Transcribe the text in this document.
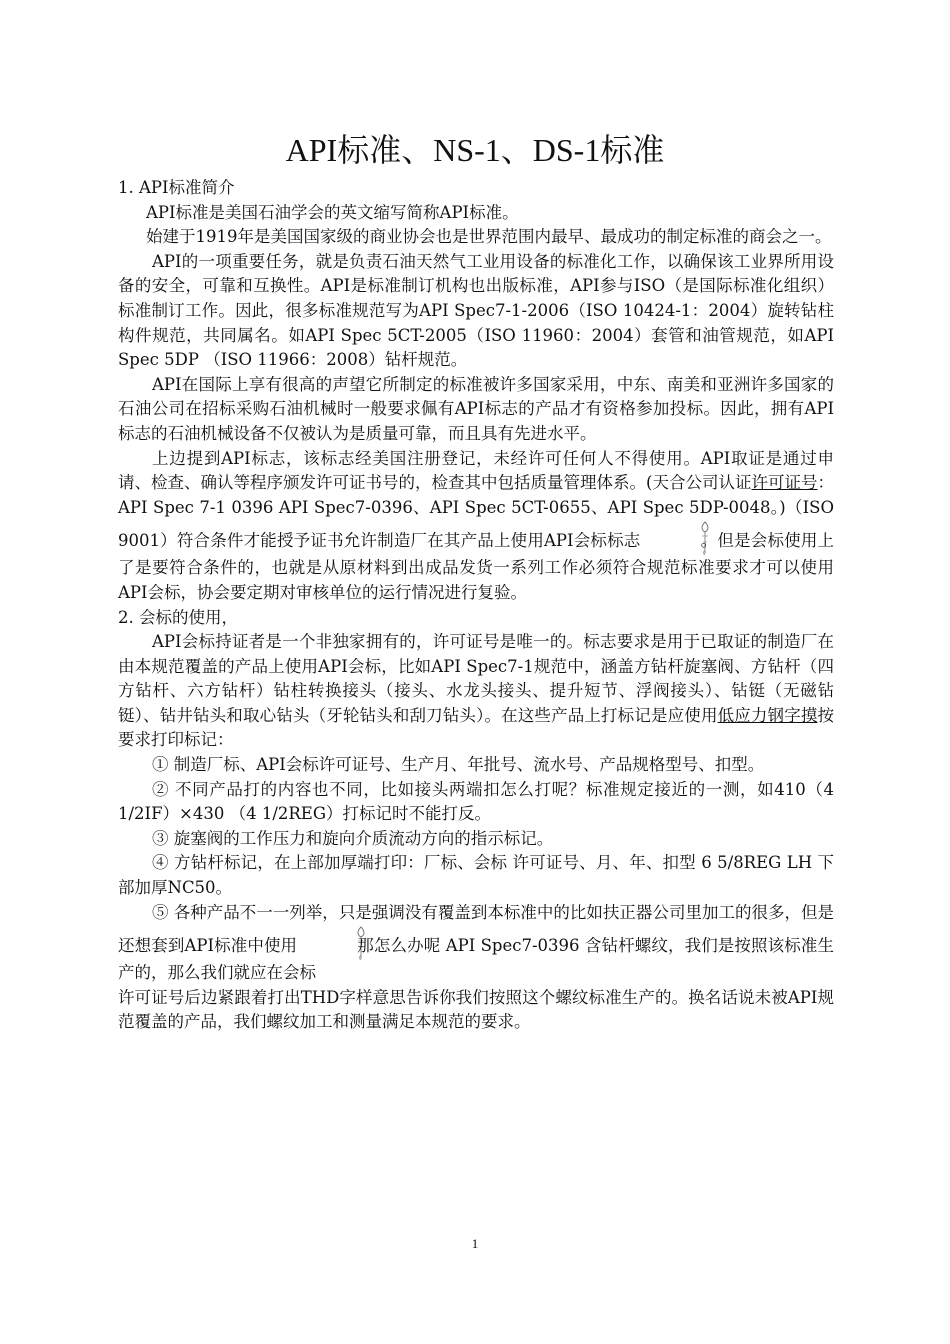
API标准、NS-1、DS-1标准

1. API标准简介

API标准是美国石油学会的英文缩写简称API标准。

始建于1919年是美国国家级的商业协会也是世界范围内最早、最成功的制定标准的商会之一。

API的一项重要任务，就是负责石油天然气工业用设备的标准化工作，以确保该工业界所用设备的安全，可靠和互换性。API是标准制订机构也出版标准，API参与ISO（是国际标准化组织）标准制订工作。因此，很多标准规范写为API Spec7-1-2006（ISO 10424-1：2004）旋转钻柱构件规范，共同属名。如API Spec 5CT-2005（ISO 11960：2004）套管和油管规范，如API Spec 5DP （ISO 11966：2008）钻杆规范。

API在国际上享有很高的声望它所制定的标准被许多国家采用，中东、南美和亚洲许多国家的石油公司在招标采购石油机械时一般要求佩有API标志的产品才有资格参加投标。因此，拥有API标志的石油机械设备不仅被认为是质量可靠，而且具有先进水平。

上边提到API标志，该标志经美国注册登记，未经许可任何人不得使用。API取证是通过申请、检查、确认等程序颁发许可证书号的，检查其中包括质量管理体系。(天合公司认证许可证号：API Spec 7-1 0396 API Spec7-0396、API Spec 5CT-0655、API Spec 5DP-0048。)（ISO 9001）符合条件才能授予证书允许制造厂在其产品上使用API会标标志	。但是会标使用上了是要符合条件的，也就是从原材料到出成品发货一系列工作必须符合规范标准要求才可以使用API会标，协会要定期对审核单位的运行情况进行复验。

2. 会标的使用，

API会标持证者是一个非独家拥有的，许可证号是唯一的。标志要求是用于已取证的制造厂在由本规范覆盖的产品上使用API会标，比如API Spec7-1规范中，涵盖方钻杆旋塞阀、方钻杆（四方钻杆、六方钻杆）钻柱转换接头（接头、水龙头接头、提升短节、浮阀接头）、钻铤（无磁钻铤）、钻井钻头和取心钻头（牙轮钻头和刮刀钻头）。在这些产品上打标记是应使用低应力钢字摸按要求打印标记：

① 制造厂标、API会标许可证号、生产月、年批号、流水号、产品规格型号、扣型。

② 不同产品打的内容也不同，比如接头两端扣怎么打呢？标准规定接近的一测，如410（4 1/2IF）×430 （4 1/2REG）打标记时不能打反。

③ 旋塞阀的工作压力和旋向介质流动方向的指示标记。

④ 方钻杆标记，在上部加厚端打印：厂标、会标 许可证号、月、年、扣型 6 5/8REG LH 下部加厚NC50。

⑤ 各种产品不一一列举，只是强调没有覆盖到本标准中的比如扶正器公司里加工的很多，但是还想套到API标准中使用	那怎么办呢 API Spec7-0396 含钻杆螺纹，我们是按照该标准生产的，那么我们就应在会标

许可证号后边紧跟着打出THD字样意思告诉你我们按照这个螺纹标准生产的。换名话说未被API规范覆盖的产品，我们螺纹加工和测量满足本规范的要求。

1
